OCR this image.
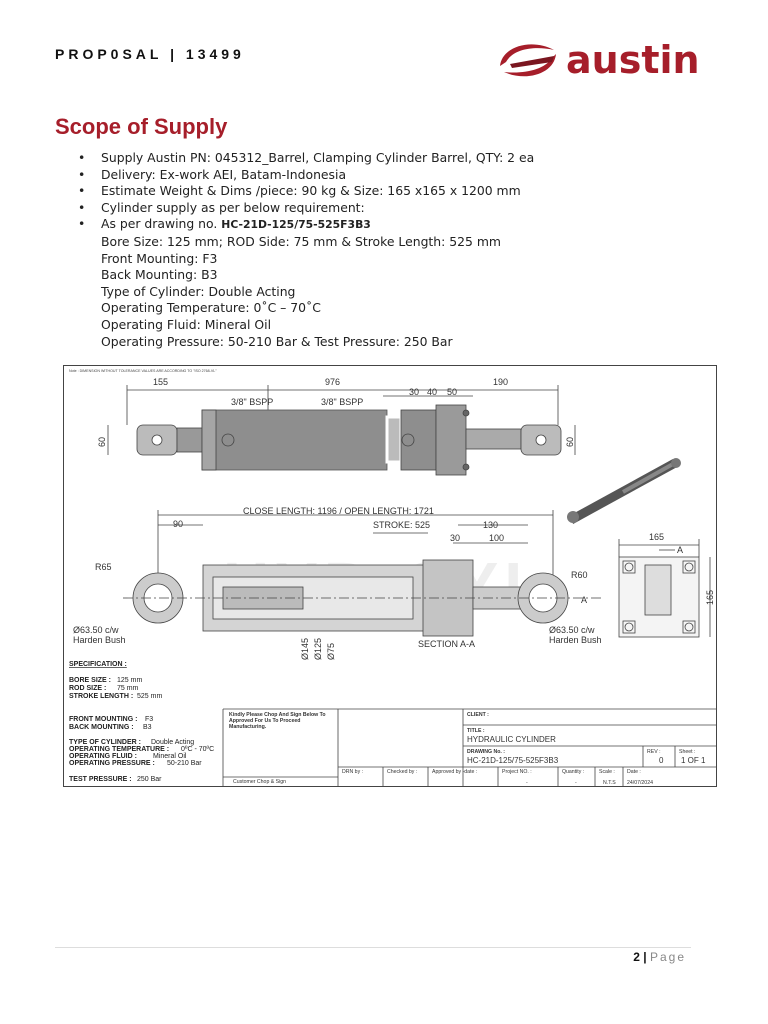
PROP0SAL | 13499	austin
Scope of Supply
• Supply Austin PN: 045312_Barrel, Clamping Cylinder Barrel, QTY: 2 ea
• Delivery: Ex-work AEI, Batam-Indonesia
• Estimate Weight & Dims /piece: 90 kg & Size: 165 x165 x 1200 mm
• Cylinder supply as per below requirement:
• As per drawing no. HC-21D-125/75-525F3B3
Bore Size: 125 mm; ROD Side: 75 mm & Stroke Length: 525 mm
Front Mounting: F3
Back Mounting: B3
Type of Cylinder: Double Acting
Operating Temperature: 0˚C – 70˚C
Operating Fluid: Mineral Oil
Operating Pressure: 50-210 Bar & Test Pressure: 250 Bar
Note : DIMENSION WITHOUT TOLERANCE VALUES ARE ACCORDING TO "ISO 2768-VL"
155	976
30 40 50
190
3/8" BSPP	3/8" BSPP
60	60
CLOSE LENGTH: 1196 / OPEN LENGTH: 1721
90	STROKE: 525	130
30	100
R65
R60
A
Ø63.50 c/w
Harden Bush
Ø63.50 c/w
Harden Bush
Ø145 Ø125 Ø75	SECTION A-A
165
165
A
SPECIFICATION :
BORE SIZE : 125 mm
ROD SIZE : 75 mm
STROKE LENGTH : 525 mm
FRONT MOUNTING : F3
BACK MOUNTING : B3
TYPE OF CYLINDER : Double Acting
OPERATING TEMPERATURE : 0ºC - 70ºC
OPERATING FLUID : Mineral Oil
OPERATING PRESSURE : 50-210 Bar
TEST PRESSURE : 250 Bar
Kindly Please Chop And Sign Below To
Approved For Us To Proceed
Manufacturing.
Customer Chop & Sign
CLIENT :
TITLE :
HYDRAULIC CYLINDER
DRAWING No. :
HC-21D-125/75-525F3B3
REV :
0
Sheet :
1 OF 1
DRN by :	Checked by :	Approved by -date :	Project NO. :
-
Quantity :
-
Scale :
N.T.S
Date :
24/07/2024
2 | Page
